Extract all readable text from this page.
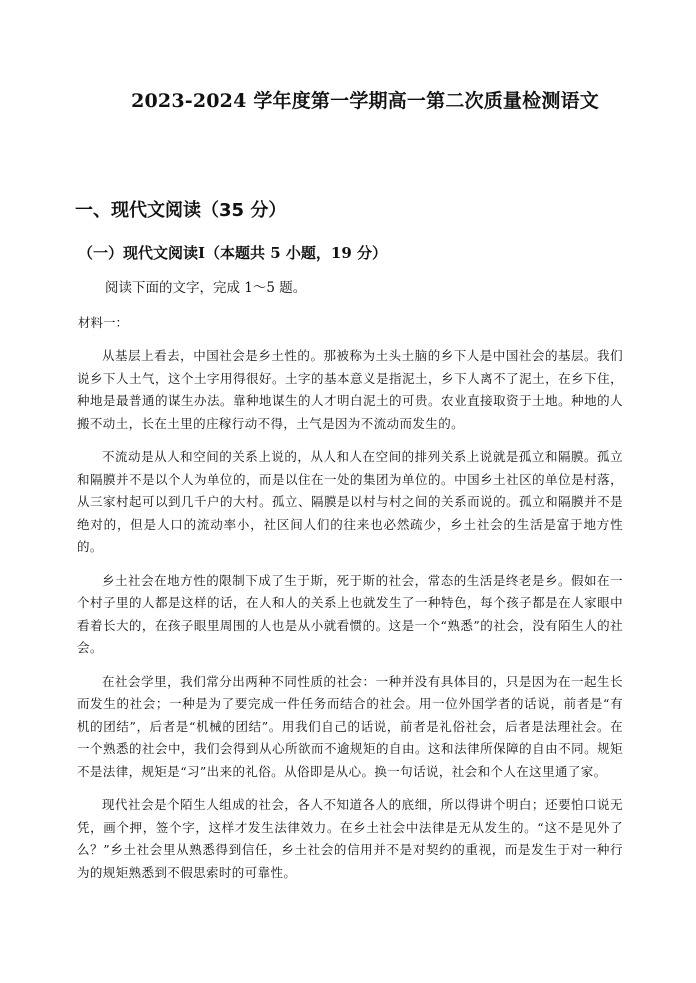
2023-2024 学年度第一学期高一第二次质量检测语文
一、现代文阅读（35 分）
（一）现代文阅读Ⅰ（本题共 5 小题，19 分）
阅读下面的文字，完成 1～5 题。
材料一：

从基层上看去，中国社会是乡土性的。那被称为土头土脑的乡下人是中国社会的基层。我们说乡下人土气，这个土字用得很好。土字的基本意义是指泥土，乡下人离不了泥土，在乡下住，种地是最普通的谋生办法。靠种地谋生的人才明白泥土的可贵。农业直接取资于土地。种地的人搬不动土，长在土里的庄稼行动不得，土气是因为不流动而发生的。

不流动是从人和空间的关系上说的，从人和人在空间的排列关系上说就是孤立和隔膜。孤立和隔膜并不是以个人为单位的，而是以住在一处的集团为单位的。中国乡土社区的单位是村落，从三家村起可以到几千户的大村。孤立、隔膜是以村与村之间的关系而说的。孤立和隔膜并不是绝对的，但是人口的流动率小，社区间人们的往来也必然疏少，乡土社会的生活是富于地方性的。

乡土社会在地方性的限制下成了生于斯，死于斯的社会，常态的生活是终老是乡。假如在一个村子里的人都是这样的话，在人和人的关系上也就发生了一种特色，每个孩子都是在人家眼中看着长大的，在孩子眼里周围的人也是从小就看惯的。这是一个“熟悉”的社会，没有陌生人的社会。

在社会学里，我们常分出两种不同性质的社会：一种并没有具体目的，只是因为在一起生长而发生的社会；一种是为了要完成一件任务而结合的社会。用一位外国学者的话说，前者是“有机的团结”，后者是“机械的团结”。用我们自己的话说，前者是礼俗社会，后者是法理社会。在一个熟悉的社会中，我们会得到从心所欲而不逾规矩的自由。这和法律所保障的自由不同。规矩不是法律，规矩是“习”出来的礼俗。从俗即是从心。换一句话说，社会和个人在这里通了家。

现代社会是个陌生人组成的社会，各人不知道各人的底细，所以得讲个明白；还要怕口说无凭，画个押，签个字，这样才发生法律效力。在乡土社会中法律是无从发生的。“这不是见外了么？”乡土社会里从熟悉得到信任，乡土社会的信用并不是对契约的重视，而是发生于对一种行为的规矩熟悉到不假思索时的可靠性。
